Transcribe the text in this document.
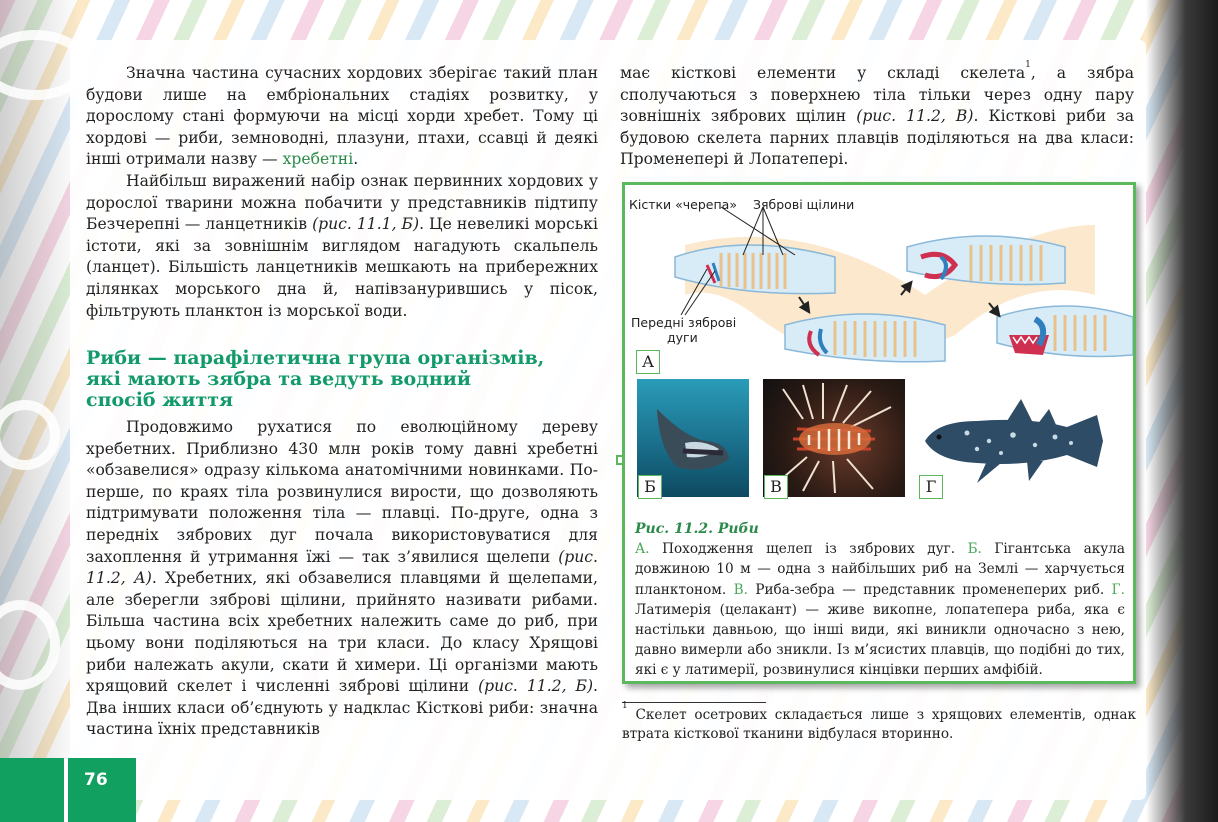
Значна частина сучасних хордових зберігає такий план будови лише на ембріональних стадіях розвитку, у дорослому стані формуючи на місці хорди хребет. Тому ці хордові — риби, земноводні, плазуни, птахи, ссавці й деякі інші отримали назву — хребетні.

Найбільш виражений набір ознак первинних хордових у дорослої тварини можна побачити у представників підтипу Безчерепні — ланцетників (рис. 11.1, Б). Це невеликі морські істоти, які за зовнішнім виглядом нагадують скальпель (ланцет). Більшість ланцетників мешкають на прибережних ділянках морського дна й, напівзанурившись у пісок, фільтрують планктон із морської води.

Риби — парафілетична група організмів,
які мають зябра та ведуть водний
спосіб життя

Продовжимо рухатися по еволюційному дереву хребетних. Приблизно 430 млн років тому давні хребетні «обзавелися» одразу кількома анатомічними новинками. По-перше, по краях тіла розвинулися вирости, що дозволяють підтримувати положення тіла — плавці. По-друге, одна з передніх зябрових дуг почала використовуватися для захоплення й утримання їжі — так з’явилися щелепи (рис. 11.2, А). Хребетних, які обзавелися плавцями й щелепами, але зберегли зяброві щілини, прийнято називати рибами. Більша частина всіх хребетних належить саме до риб, при цьому вони поділяються на три класи. До класу Хрящові риби належать акули, скати й химери. Ці організми мають хрящовий скелет і численні зяброві щілини (рис. 11.2, Б). Два інших класи об’єднують у надклас Кісткові риби: значна частина їхніх представників

має кісткові елементи у складі скелета$^1$, а зябра сполучаються з поверхнею тіла тільки через одну пару зовнішніх зябрових щілин (рис. 11.2, В). Кісткові риби за будовою скелета парних плавців поділяються на два класи: Променепері й Лопатепері.

Кістки «черепа» Зяброві щілини
Передні зяброві
дуги
А
Б	В	Г
Рис. 11.2. Риби
А. Походження щелеп із зябрових дуг. Б. Гігантська акула довжиною 10 м — одна з найбільших риб на Землі — харчується планктоном. В. Риба-зебра — представник променеперих риб. Г. Латимерія (целакант) — живе викопне, лопатепера риба, яка є настільки давньою, що інші види, які виникли одночасно з нею, давно вимерли або зникли. Із м’ясистих плавців, що подібні до тих, які є у латимерії, розвинулися кінцівки перших амфібій.
$^1$ Скелет осетрових складається лише з хрящових елементів, однак втрата кісткової тканини відбулася вторинно.
76
